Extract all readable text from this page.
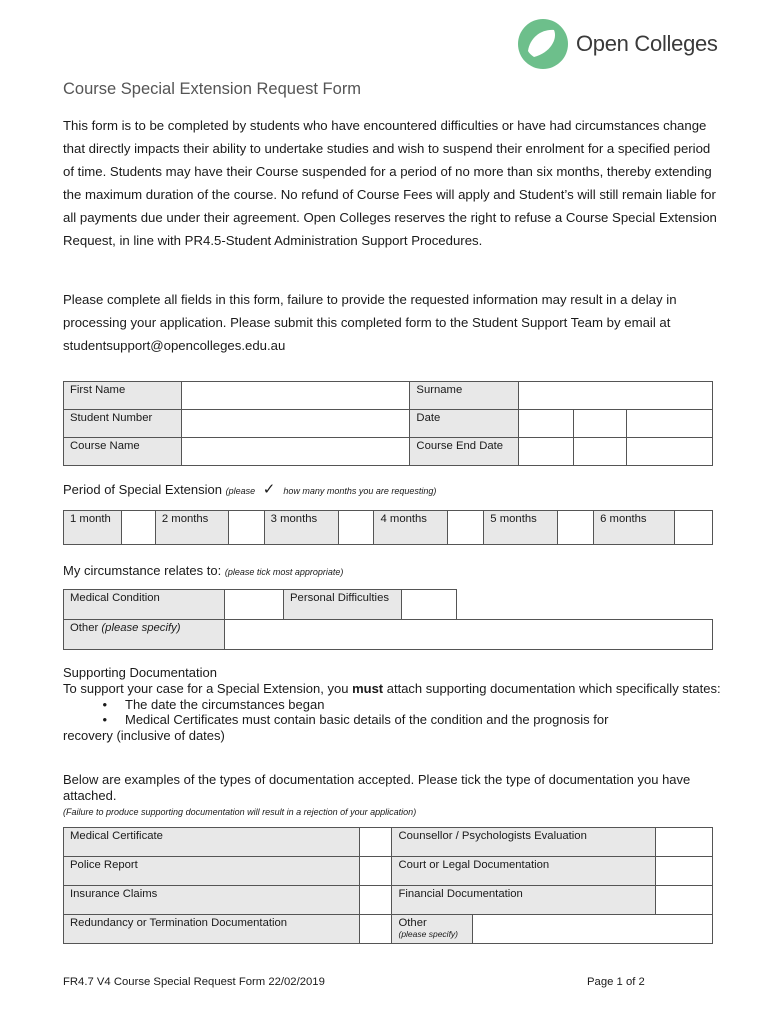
Open Colleges
Course Special Extension Request Form

This form is to be completed by students who have encountered difficulties or have had circumstances change that directly impacts their ability to undertake studies and wish to suspend their enrolment for a specified period of time. Students may have their Course suspended for a period of no more than six months, thereby extending the maximum duration of the course. No refund of Course Fees will apply and Student’s will still remain liable for all payments due under their agreement. Open Colleges reserves the right to refuse a Course Special Extension Request, in line with PR4.5-Student Administration Support Procedures.

Please complete all fields in this form, failure to provide the requested information may result in a delay in processing your application. Please submit this completed form to the Student Support Team by email at studentsupport@opencolleges.edu.au

First Name		Surname			
Student Number		Date			
Course Name		Course End Date			
Period of Special Extension (please ✓ how many months you are requesting)
1 month		2 months		3 months		4 months		5 months		6 months	
My circumstance relates to: (please tick most appropriate)
Medical Condition		Personal Difficulties	
Other (please specify)	
Supporting Documentation
To support your case for a Special Extension, you must attach supporting documentation which specifically states:
•	The date the circumstances began
•	Medical Certificates must contain basic details of the condition and the prognosis for
recovery (inclusive of dates)
Below are examples of the types of documentation accepted. Please tick the type of documentation you have attached.
(Failure to produce supporting documentation will result in a rejection of your application)
Medical Certificate		Counsellor / Psychologists Evaluation		
Police Report		Court or Legal Documentation		
Insurance Claims		Financial Documentation		
Redundancy or Termination Documentation		Other
(please specify)		

FR4.7 V4 Course Special Request Form 22/02/2019	Page 1 of 2
